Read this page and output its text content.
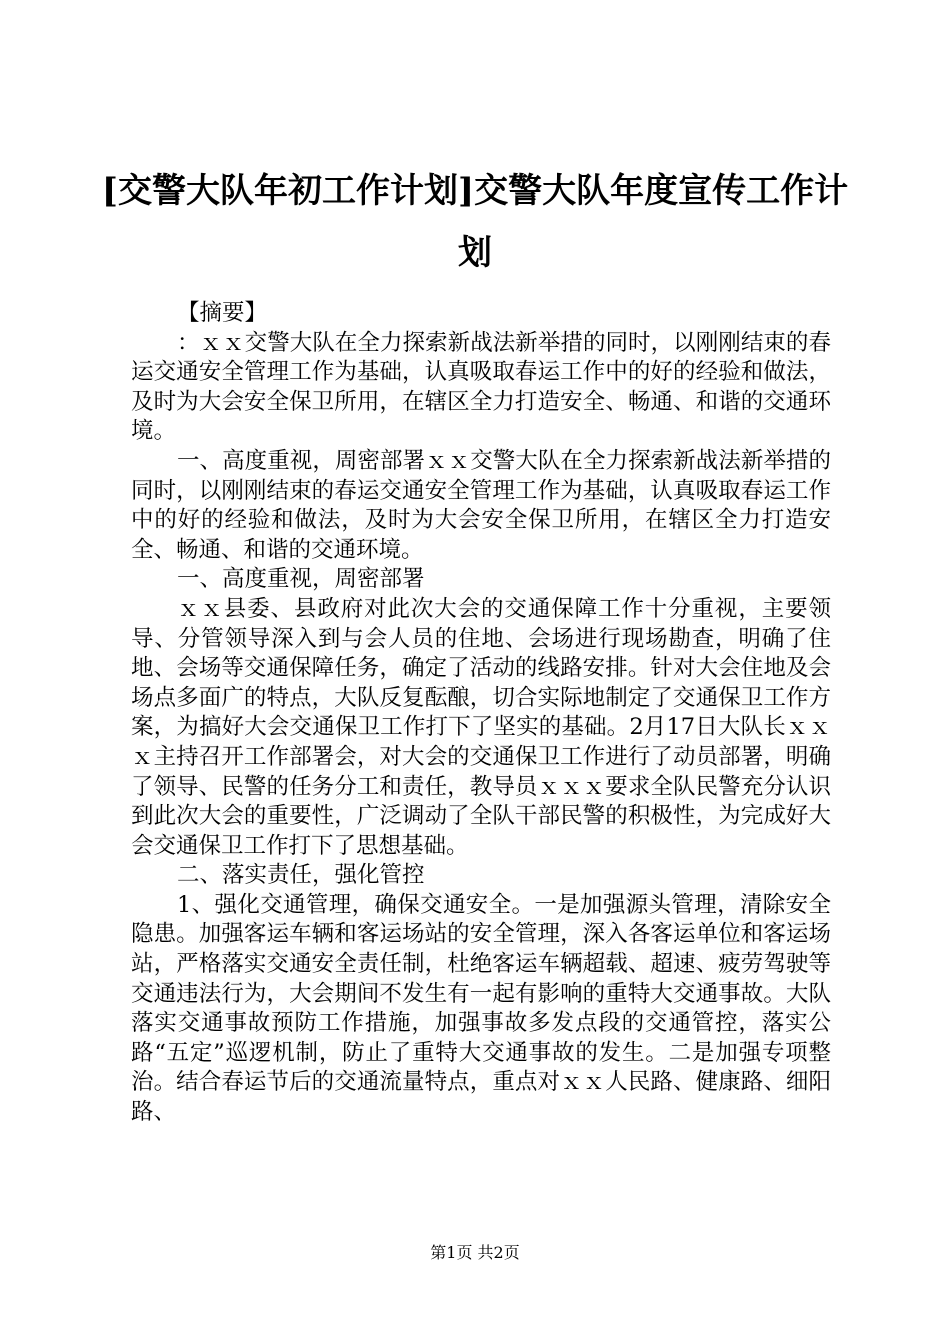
[交警大队年初工作计划]交警大队年度宣传工作计划

【摘要】

：ｘｘ交警大队在全力探索新战法新举措的同时，以刚刚结束的春运交通安全管理工作为基础，认真吸取春运工作中的好的经验和做法，及时为大会安全保卫所用，在辖区全力打造安全、畅通、和谐的交通环境。

一、高度重视，周密部署ｘｘ交警大队在全力探索新战法新举措的同时，以刚刚结束的春运交通安全管理工作为基础，认真吸取春运工作中的好的经验和做法，及时为大会安全保卫所用，在辖区全力打造安全、畅通、和谐的交通环境。

一、高度重视，周密部署

ｘｘ县委、县政府对此次大会的交通保障工作十分重视，主要领导、分管领导深入到与会人员的住地、会场进行现场勘查，明确了住地、会场等交通保障任务，确定了活动的线路安排。针对大会住地及会场点多面广的特点，大队反复酝酿，切合实际地制定了交通保卫工作方案，为搞好大会交通保卫工作打下了坚实的基础。2月17日大队长ｘｘｘ主持召开工作部署会，对大会的交通保卫工作进行了动员部署，明确了领导、民警的任务分工和责任，教导员ｘｘｘ要求全队民警充分认识到此次大会的重要性，广泛调动了全队干部民警的积极性，为完成好大会交通保卫工作打下了思想基础。

二、落实责任，强化管控

1、强化交通管理，确保交通安全。一是加强源头管理，清除安全隐患。加强客运车辆和客运场站的安全管理，深入各客运单位和客运场站，严格落实交通安全责任制，杜绝客运车辆超载、超速、疲劳驾驶等交通违法行为，大会期间不发生有一起有影响的重特大交通事故。大队落实交通事故预防工作措施，加强事故多发点段的交通管控，落实公路“五定”巡逻机制，防止了重特大交通事故的发生。二是加强专项整治。结合春运节后的交通流量特点，重点对ｘｘ人民路、健康路、细阳路、

第1页 共2页
